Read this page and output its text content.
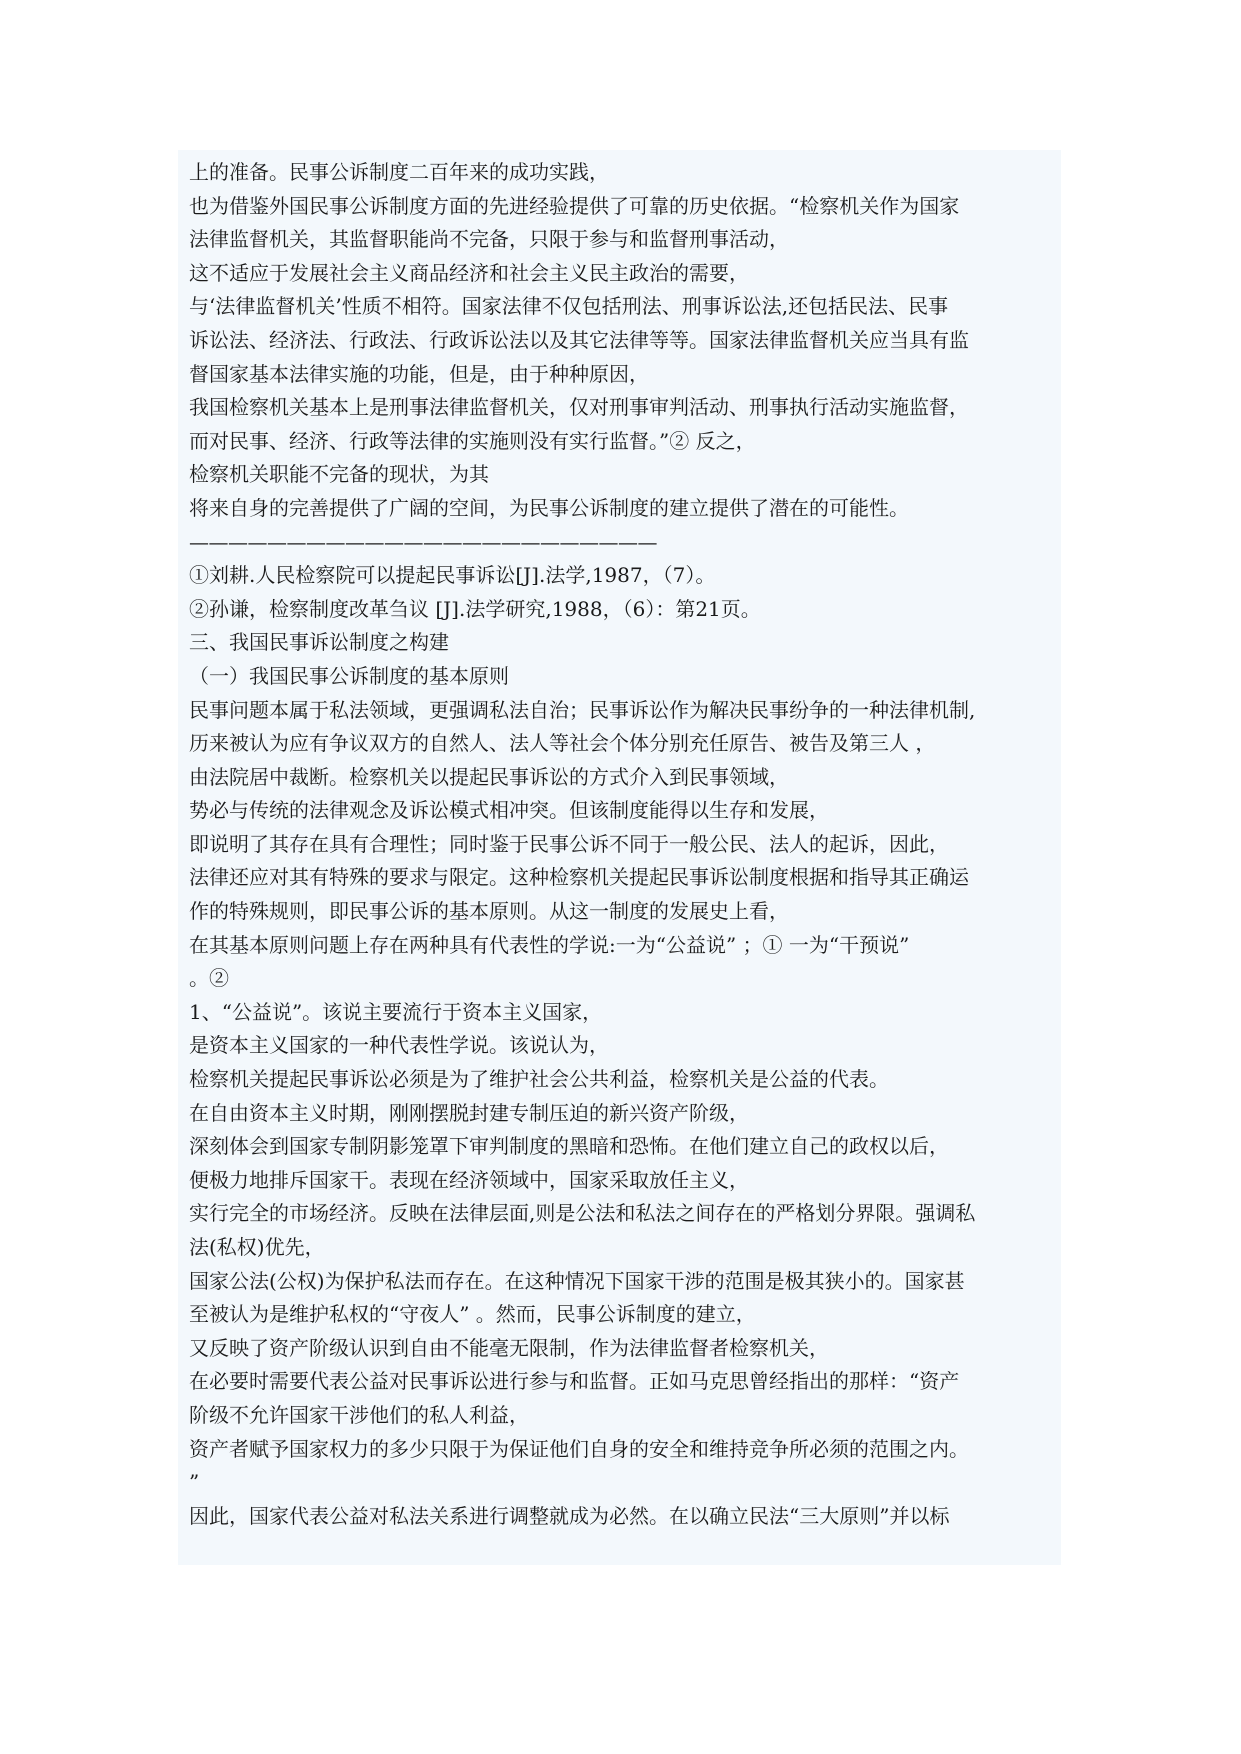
上的准备。民事公诉制度二百年来的成功实践，
也为借鉴外国民事公诉制度方面的先进经验提供了可靠的历史依据。“检察机关作为国家
法律监督机关，其监督职能尚不完备，只限于参与和监督刑事活动，
这不适应于发展社会主义商品经济和社会主义民主政治的需要，
与‘法律监督机关’性质不相符。国家法律不仅包括刑法、刑事诉讼法,还包括民法、民事
诉讼法、经济法、行政法、行政诉讼法以及其它法律等等。国家法律监督机关应当具有监
督国家基本法律实施的功能，但是，由于种种原因，
我国检察机关基本上是刑事法律监督机关，仅对刑事审判活动、刑事执行活动实施监督，
而对民事、经济、行政等法律的实施则没有实行监督。”② 反之，
检察机关职能不完备的现状，为其
将来自身的完善提供了广阔的空间，为民事公诉制度的建立提供了潜在的可能性。
————————————————————————
①刘耕.人民检察院可以提起民事诉讼[J].法学,1987，（7）。
②孙谦，检察制度改革刍议 [J].法学研究,1988，（6）：第21页。
三、我国民事诉讼制度之构建
（一）我国民事公诉制度的基本原则
民事问题本属于私法领域，更强调私法自治；民事诉讼作为解决民事纷争的一种法律机制,
历来被认为应有争议双方的自然人、法人等社会个体分别充任原告、被告及第三人 ，
由法院居中裁断。检察机关以提起民事诉讼的方式介入到民事领域，
势必与传统的法律观念及诉讼模式相冲突。但该制度能得以生存和发展，
即说明了其存在具有合理性；同时鉴于民事公诉不同于一般公民、法人的起诉，因此，
法律还应对其有特殊的要求与限定。这种检察机关提起民事诉讼制度根据和指导其正确运
作的特殊规则，即民事公诉的基本原则。从这一制度的发展史上看，
在其基本原则问题上存在两种具有代表性的学说:一为“公益说” ；① 一为“干预说”
。②
1、“公益说”。该说主要流行于资本主义国家，
是资本主义国家的一种代表性学说。该说认为，
检察机关提起民事诉讼必须是为了维护社会公共利益，检察机关是公益的代表。
在自由资本主义时期，刚刚摆脱封建专制压迫的新兴资产阶级，
深刻体会到国家专制阴影笼罩下审判制度的黑暗和恐怖。在他们建立自己的政权以后，
便极力地排斥国家干。表现在经济领域中，国家采取放任主义，
实行完全的市场经济。反映在法律层面,则是公法和私法之间存在的严格划分界限。强调私
法(私权)优先，
国家公法(公权)为保护私法而存在。在这种情况下国家干涉的范围是极其狭小的。国家甚
至被认为是维护私权的“守夜人” 。然而，民事公诉制度的建立，
又反映了资产阶级认识到自由不能毫无限制，作为法律监督者检察机关，
在必要时需要代表公益对民事诉讼进行参与和监督。正如马克思曾经指出的那样：“资产
阶级不允许国家干涉他们的私人利益，
资产者赋予国家权力的多少只限于为保证他们自身的安全和维持竞争所必须的范围之内。
”
因此，国家代表公益对私法关系进行调整就成为必然。在以确立民法“三大原则”并以标
